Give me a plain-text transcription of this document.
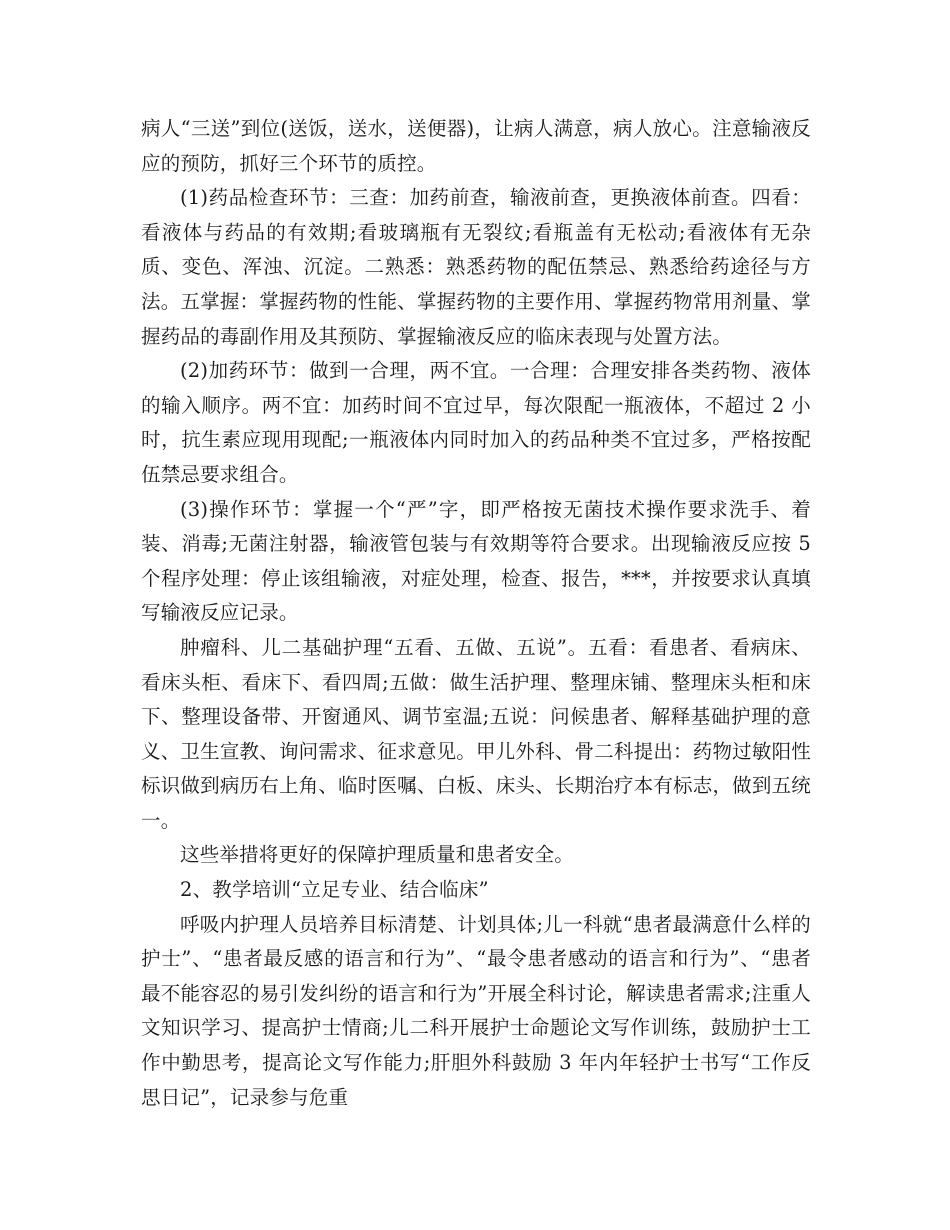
病人“三送”到位(送饭，送水，送便器)，让病人满意，病人放心。注意输液反应的预防，抓好三个环节的质控。

(1)药品检查环节：三查：加药前查，输液前查，更换液体前查。四看：看液体与药品的有效期;看玻璃瓶有无裂纹;看瓶盖有无松动;看液体有无杂质、变色、浑浊、沉淀。二熟悉：熟悉药物的配伍禁忌、熟悉给药途径与方法。五掌握：掌握药物的性能、掌握药物的主要作用、掌握药物常用剂量、掌握药品的毒副作用及其预防、掌握输液反应的临床表现与处置方法。

(2)加药环节：做到一合理，两不宜。一合理：合理安排各类药物、液体的输入顺序。两不宜：加药时间不宜过早，每次限配一瓶液体，不超过 2 小时，抗生素应现用现配;一瓶液体内同时加入的药品种类不宜过多，严格按配伍禁忌要求组合。

(3)操作环节：掌握一个“严”字，即严格按无菌技术操作要求洗手、着装、消毒;无菌注射器，输液管包装与有效期等符合要求。出现输液反应按 5 个程序处理：停止该组输液，对症处理，检查、报告，***，并按要求认真填写输液反应记录。

肿瘤科、儿二基础护理“五看、五做、五说”。五看：看患者、看病床、看床头柜、看床下、看四周;五做：做生活护理、整理床铺、整理床头柜和床下、整理设备带、开窗通风、调节室温;五说：问候患者、解释基础护理的意义、卫生宣教、询问需求、征求意见。甲儿外科、骨二科提出：药物过敏阳性标识做到病历右上角、临时医嘱、白板、床头、长期治疗本有标志，做到五统一。

这些举措将更好的保障护理质量和患者安全。

2、教学培训“立足专业、结合临床”

呼吸内护理人员培养目标清楚、计划具体;儿一科就“患者最满意什么样的护士”、“患者最反感的语言和行为”、“最令患者感动的语言和行为”、“患者最不能容忍的易引发纠纷的语言和行为”开展全科讨论，解读患者需求;注重人文知识学习、提高护士情商;儿二科开展护士命题论文写作训练，鼓励护士工作中勤思考，提高论文写作能力;肝胆外科鼓励 3 年内年轻护士书写“工作反思日记”，记录参与危重
